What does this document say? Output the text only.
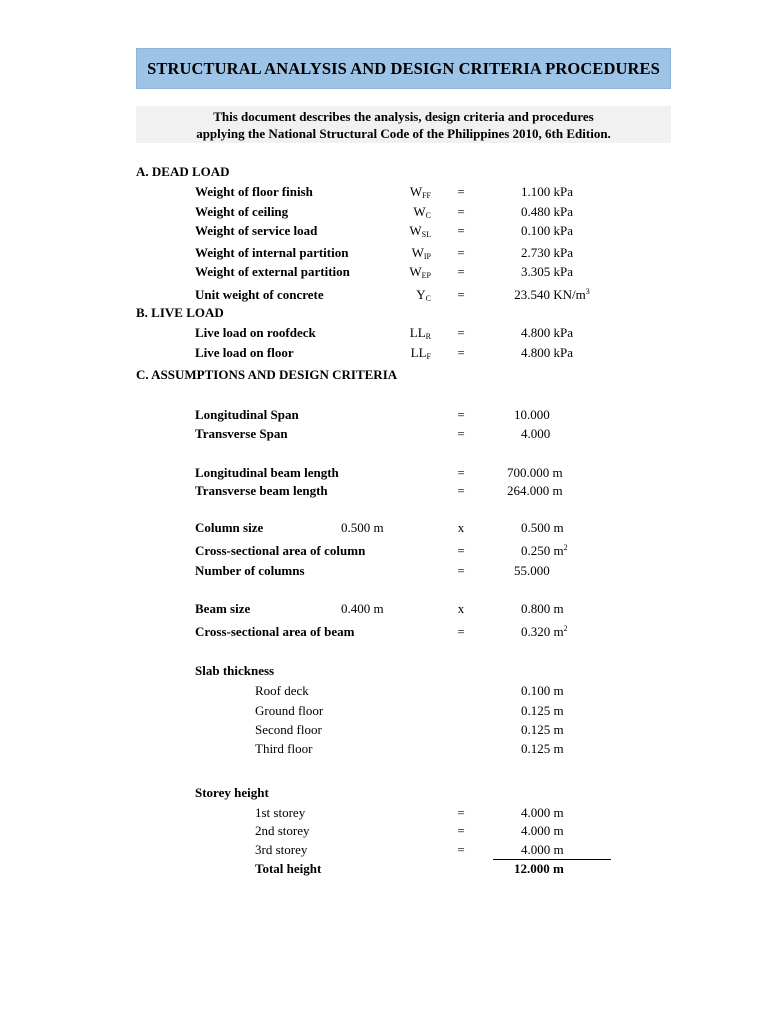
STRUCTURAL ANALYSIS AND DESIGN CRITERIA PROCEDURES
This document describes the analysis, design criteria and procedures
applying the National Structural Code of the Philippines 2010, 6th Edition.
A. DEAD LOAD
Weight of floor finish	$W_{FF}$	=	1.100 kPa
Weight of ceiling	$W_C$	=	0.480 kPa
Weight of service load	$W_{SL}$	=	0.100 kPa
Weight of internal partition	$W_{IP}$	=	2.730 kPa
Weight of external partition	$W_{EP}$	=	3.305 kPa
Unit weight of concrete	$Y_C$	=	23.540 $KN/m^3$
B. LIVE LOAD
Live load on roofdeck	$LL_R$	=	4.800 kPa
Live load on floor	$LL_F$	=	4.800 kPa
C. ASSUMPTIONS AND DESIGN CRITERIA
Longitudinal Span	=	10.000
Transverse Span	=	4.000
Longitudinal beam length	=	700.000 m
Transverse beam length	=	264.000 m
Column size	0.500 m	x	0.500 m
Cross-sectional area of column	=	0.250 $m^2$
Number of columns	=	55.000
Beam size	0.400 m	x	0.800 m
Cross-sectional area of beam	=	0.320 $m^2$
Slab thickness
Roof deck	0.100 m
Ground floor	0.125 m
Second floor	0.125 m
Third floor	0.125 m
Storey height
1st storey	=	4.000 m
2nd storey	=	4.000 m
3rd storey	=	4.000 m
Total height	12.000 m
